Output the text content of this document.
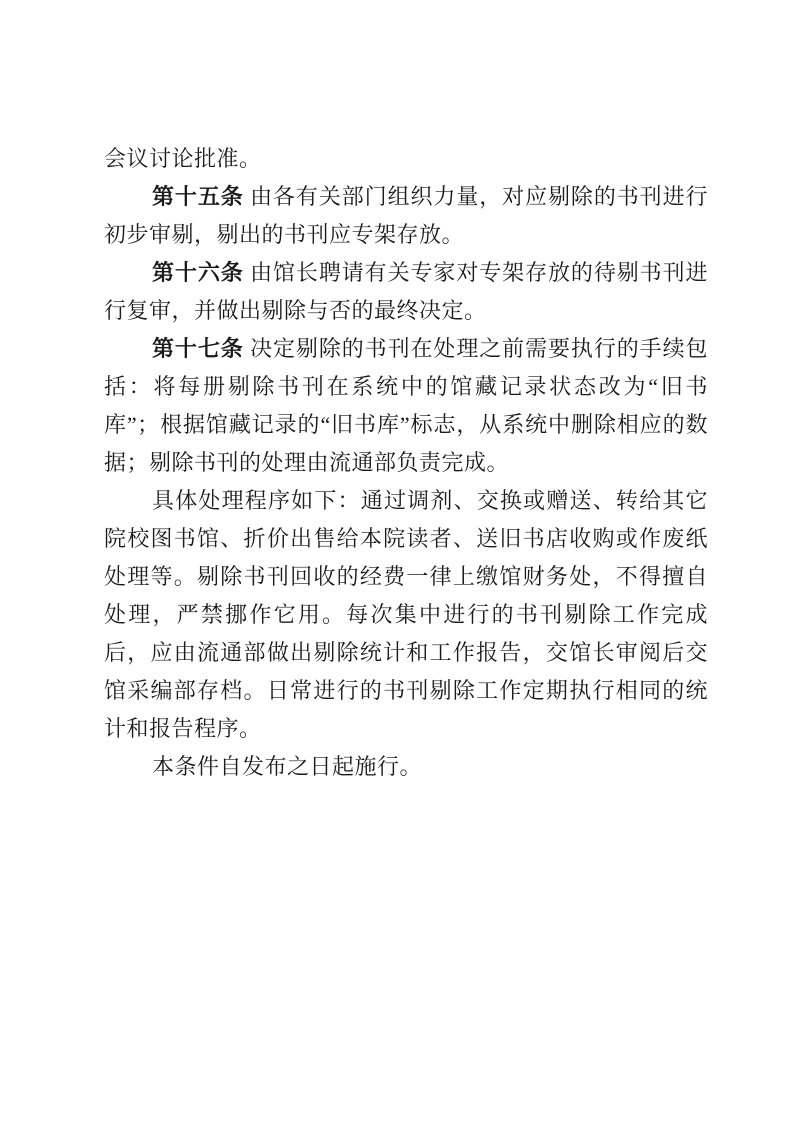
会议讨论批准。

第十五条 由各有关部门组织力量，对应剔除的书刊进行初步审剔，剔出的书刊应专架存放。

第十六条 由馆长聘请有关专家对专架存放的待剔书刊进行复审，并做出剔除与否的最终决定。

第十七条 决定剔除的书刊在处理之前需要执行的手续包括：将每册剔除书刊在系统中的馆藏记录状态改为“旧书库”；根据馆藏记录的“旧书库”标志，从系统中删除相应的数据；剔除书刊的处理由流通部负责完成。

具体处理程序如下：通过调剂、交换或赠送、转给其它院校图书馆、折价出售给本院读者、送旧书店收购或作废纸处理等。剔除书刊回收的经费一律上缴馆财务处，不得擅自处理，严禁挪作它用。每次集中进行的书刊剔除工作完成后，应由流通部做出剔除统计和工作报告，交馆长审阅后交馆采编部存档。日常进行的书刊剔除工作定期执行相同的统计和报告程序。

本条件自发布之日起施行。
